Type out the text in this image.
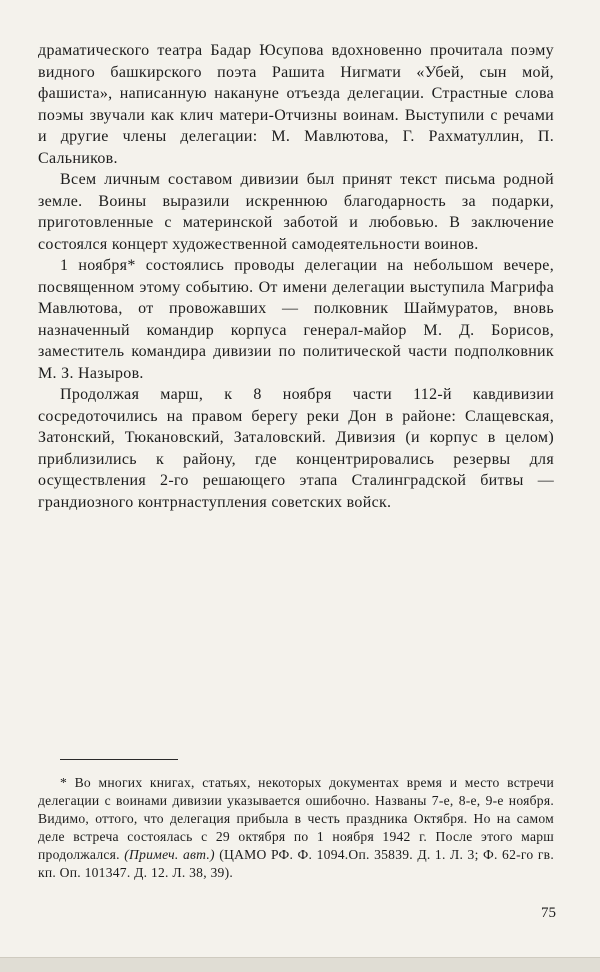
драматического театра Бадар Юсупова вдохновенно прочитала поэму видного башкирского поэта Рашита Нигмати «Убей, сын мой, фашиста», написанную накануне отъезда делегации. Страстные слова поэмы звучали как клич матери-Отчизны воинам. Выступили с речами и другие члены делегации: М. Мавлютова, Г. Рахматуллин, П. Сальников.

Всем личным составом дивизии был принят текст письма родной земле. Воины выразили искреннюю благодарность за подарки, приготовленные с материнской заботой и любовью. В заключение состоялся концерт художественной самодеятельности воинов.

1 ноября* состоялись проводы делегации на небольшом вечере, посвященном этому событию. От имени делегации выступила Магрифа Мавлютова, от провожавших — полковник Шаймуратов, вновь назначенный командир корпуса генерал-майор М. Д. Борисов, заместитель командира дивизии по политической части подполковник М. З. Назыров.

Продолжая марш, к 8 ноября части 112-й кавдивизии сосредоточились на правом берегу реки Дон в районе: Слащевская, Затонский, Тюкановский, Заталовский. Дивизия (и корпус в целом) приблизились к району, где концентрировались резервы для осуществления 2-го решающего этапа Сталинградской битвы — грандиозного контрнаступления советских войск.

* Во многих книгах, статьях, некоторых документах время и место встречи делегации с воинами дивизии указывается ошибочно. Названы 7-е, 8-е, 9-е ноября. Видимо, оттого, что делегация прибыла в честь праздника Октября. Но на самом деле встреча состоялась с 29 октября по 1 ноября 1942 г. После этого марш продолжался. (Примеч. авт.) (ЦАМО РФ. Ф. 1094.Оп. 35839. Д. 1. Л. 3; Ф. 62-го гв. кп. Оп. 101347. Д. 12. Л. 38, 39).

75
